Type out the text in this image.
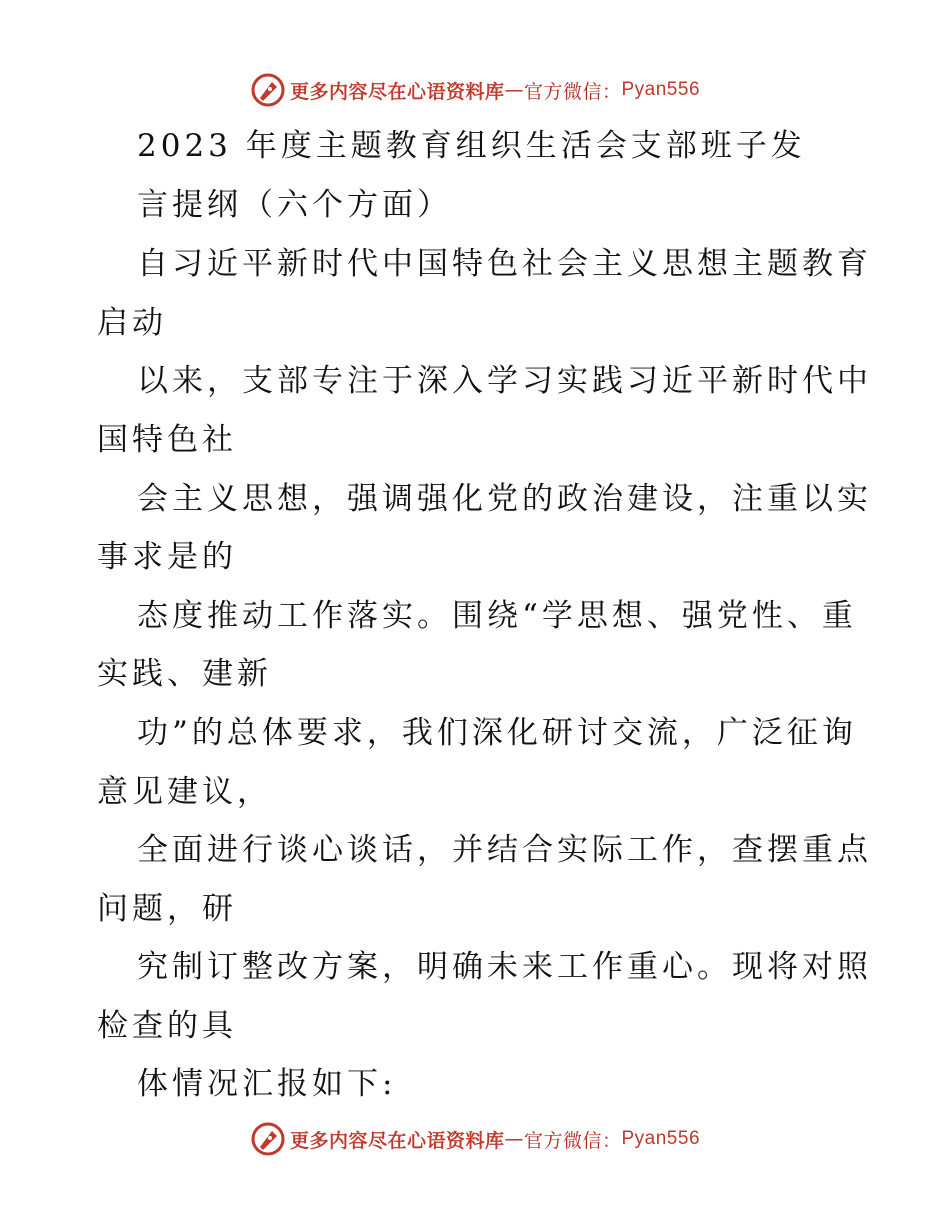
更多内容尽在心语资料库 — 官方微信： Pyan556
2023 年度主题教育组织生活会支部班子发
言提纲（六个方面）
自习近平新时代中国特色社会主义思想主题教育
启动
以来，支部专注于深入学习实践习近平新时代中
国特色社
会主义思想，强调强化党的政治建设，注重以实
事求是的
态度推动工作落实。围绕“学思想、强党性、重
实践、建新
功”的总体要求，我们深化研讨交流，广泛征询
意见建议，
全面进行谈心谈话，并结合实际工作，查摆重点
问题，研
究制订整改方案，明确未来工作重心。现将对照
检查的具
体情况汇报如下:
更多内容尽在心语资料库 — 官方微信： Pyan556
